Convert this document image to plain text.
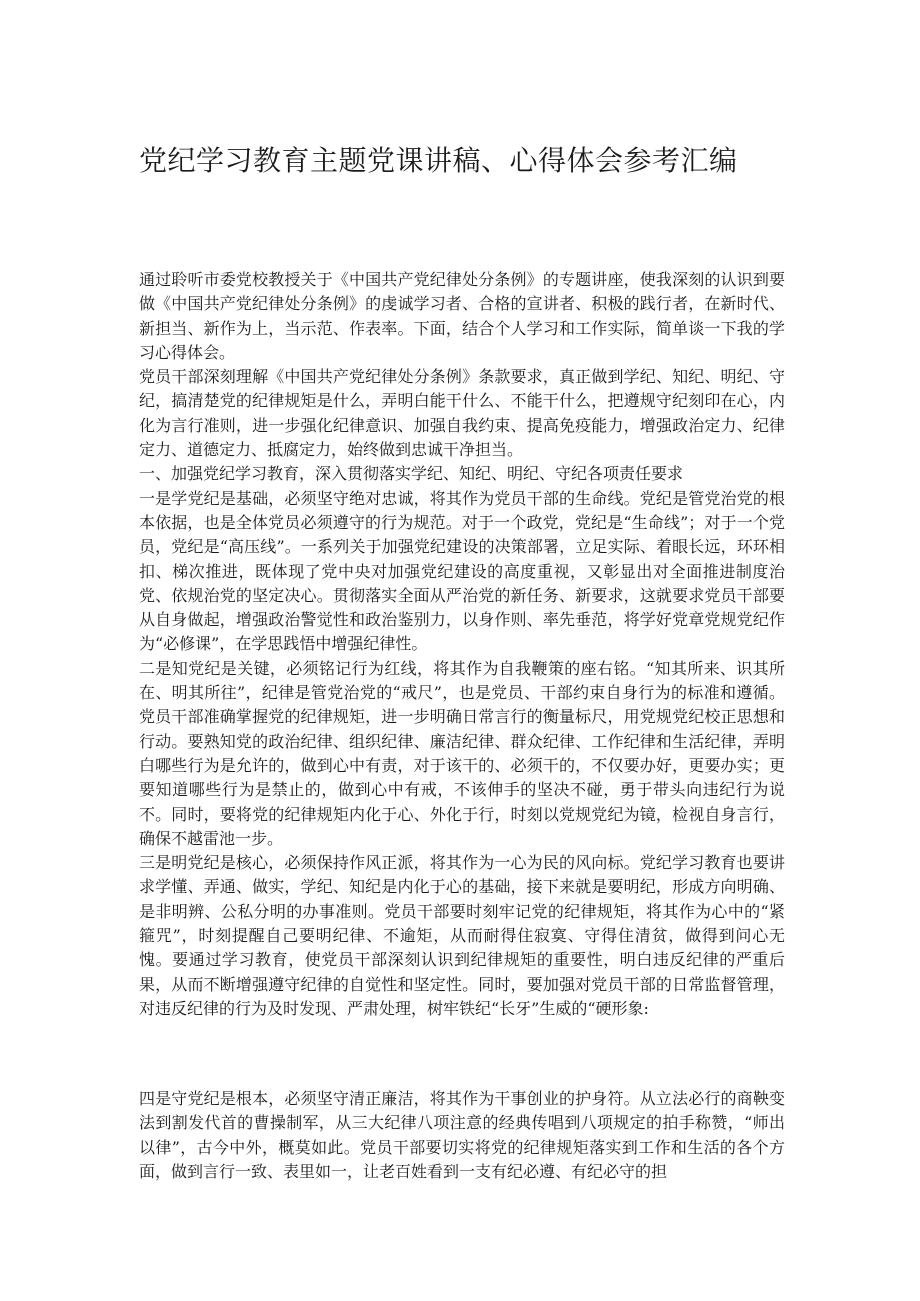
党纪学习教育主题党课讲稿、心得体会参考汇编

通过聆听市委党校教授关于《中国共产党纪律处分条例》的专题讲座，使我深刻的认识到要做《中国共产党纪律处分条例》的虔诚学习者、合格的宣讲者、积极的践行者，在新时代、新担当、新作为上，当示范、作表率。下面，结合个人学习和工作实际，简单谈一下我的学习心得体会。

党员干部深刻理解《中国共产党纪律处分条例》条款要求，真正做到学纪、知纪、明纪、守纪，搞清楚党的纪律规矩是什么，弄明白能干什么、不能干什么，把遵规守纪刻印在心，内化为言行准则，进一步强化纪律意识、加强自我约束、提高免疫能力，增强政治定力、纪律定力、道德定力、抵腐定力，始终做到忠诚干净担当。

一、加强党纪学习教育，深入贯彻落实学纪、知纪、明纪、守纪各项责任要求

一是学党纪是基础，必须坚守绝对忠诚，将其作为党员干部的生命线。党纪是管党治党的根本依据，也是全体党员必须遵守的行为规范。对于一个政党，党纪是“生命线”；对于一个党员，党纪是“高压线”。一系列关于加强党纪建设的决策部署，立足实际、着眼长远，环环相扣、梯次推进，既体现了党中央对加强党纪建设的高度重视，又彰显出对全面推进制度治党、依规治党的坚定决心。贯彻落实全面从严治党的新任务、新要求，这就要求党员干部要从自身做起，增强政治警觉性和政治鉴别力，以身作则、率先垂范，将学好党章党规党纪作为“必修课”，在学思践悟中增强纪律性。

二是知党纪是关键，必须铭记行为红线，将其作为自我鞭策的座右铭。“知其所来、识其所在、明其所往”，纪律是管党治党的“戒尺”，也是党员、干部约束自身行为的标准和遵循。党员干部准确掌握党的纪律规矩，进一步明确日常言行的衡量标尺，用党规党纪校正思想和行动。要熟知党的政治纪律、组织纪律、廉洁纪律、群众纪律、工作纪律和生活纪律，弄明白哪些行为是允许的，做到心中有责，对于该干的、必须干的，不仅要办好，更要办实；更要知道哪些行为是禁止的，做到心中有戒，不该伸手的坚决不碰，勇于带头向违纪行为说不。同时，要将党的纪律规矩内化于心、外化于行，时刻以党规党纪为镜，检视自身言行，确保不越雷池一步。

三是明党纪是核心，必须保持作风正派，将其作为一心为民的风向标。党纪学习教育也要讲求学懂、弄通、做实，学纪、知纪是内化于心的基础，接下来就是要明纪，形成方向明确、是非明辨、公私分明的办事准则。党员干部要时刻牢记党的纪律规矩，将其作为心中的“紧箍咒”，时刻提醒自己要明纪律、不逾矩，从而耐得住寂寞、守得住清贫，做得到问心无愧。要通过学习教育，使党员干部深刻认识到纪律规矩的重要性，明白违反纪律的严重后果，从而不断增强遵守纪律的自觉性和坚定性。同时，要加强对党员干部的日常监督管理，对违反纪律的行为及时发现、严肃处理，树牢铁纪“长牙”生威的“硬形象:

四是守党纪是根本，必须坚守清正廉洁，将其作为干事创业的护身符。从立法必行的商鞅变法到割发代首的曹操制军，从三大纪律八项注意的经典传唱到八项规定的拍手称赞，“师出以律”，古今中外，概莫如此。党员干部要切实将党的纪律规矩落实到工作和生活的各个方面，做到言行一致、表里如一，让老百姓看到一支有纪必遵、有纪必守的担
